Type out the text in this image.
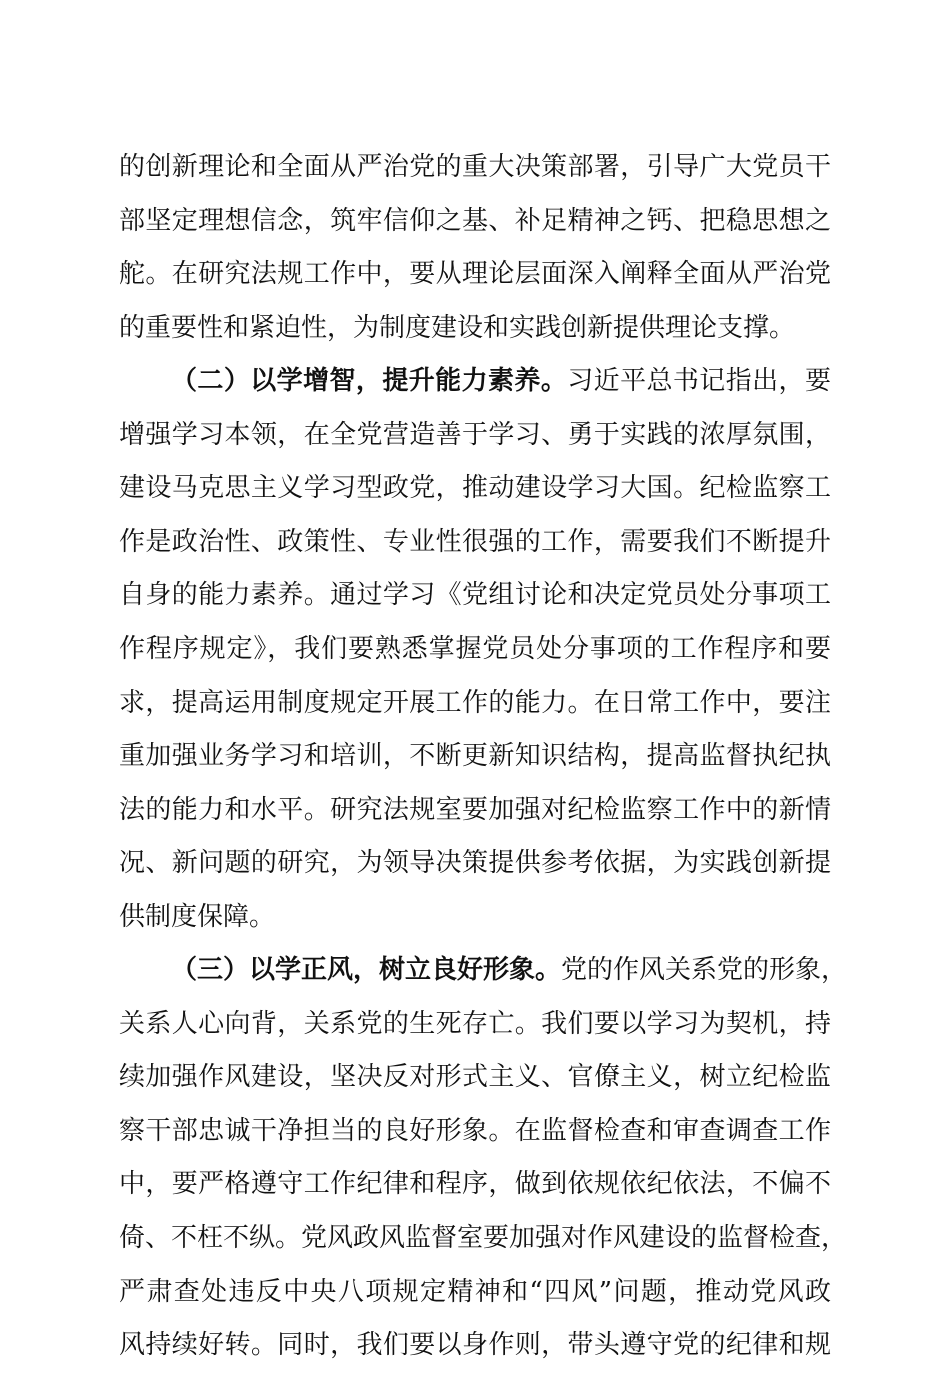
的创新理论和全面从严治党的重大决策部署，引导广大党员干
部坚定理想信念，筑牢信仰之基、补足精神之钙、把稳思想之
舵。在研究法规工作中，要从理论层面深入阐释全面从严治党
的重要性和紧迫性，为制度建设和实践创新提供理论支撑。
（二）以学增智，提升能力素养。习近平总书记指出，要
增强学习本领，在全党营造善于学习、勇于实践的浓厚氛围，
建设马克思主义学习型政党，推动建设学习大国。纪检监察工
作是政治性、政策性、专业性很强的工作，需要我们不断提升
自身的能力素养。通过学习《党组讨论和决定党员处分事项工
作程序规定》，我们要熟悉掌握党员处分事项的工作程序和要
求，提高运用制度规定开展工作的能力。在日常工作中，要注
重加强业务学习和培训，不断更新知识结构，提高监督执纪执
法的能力和水平。研究法规室要加强对纪检监察工作中的新情
况、新问题的研究，为领导决策提供参考依据，为实践创新提
供制度保障。
（三）以学正风，树立良好形象。党的作风关系党的形象，
关系人心向背，关系党的生死存亡。我们要以学习为契机，持
续加强作风建设，坚决反对形式主义、官僚主义，树立纪检监
察干部忠诚干净担当的良好形象。在监督检查和审查调查工作
中，要严格遵守工作纪律和程序，做到依规依纪依法，不偏不
倚、不枉不纵。党风政风监督室要加强对作风建设的监督检查，
严肃查处违反中央八项规定精神和“四风”问题，推动党风政
风持续好转。同时，我们要以身作则，带头遵守党的纪律和规
